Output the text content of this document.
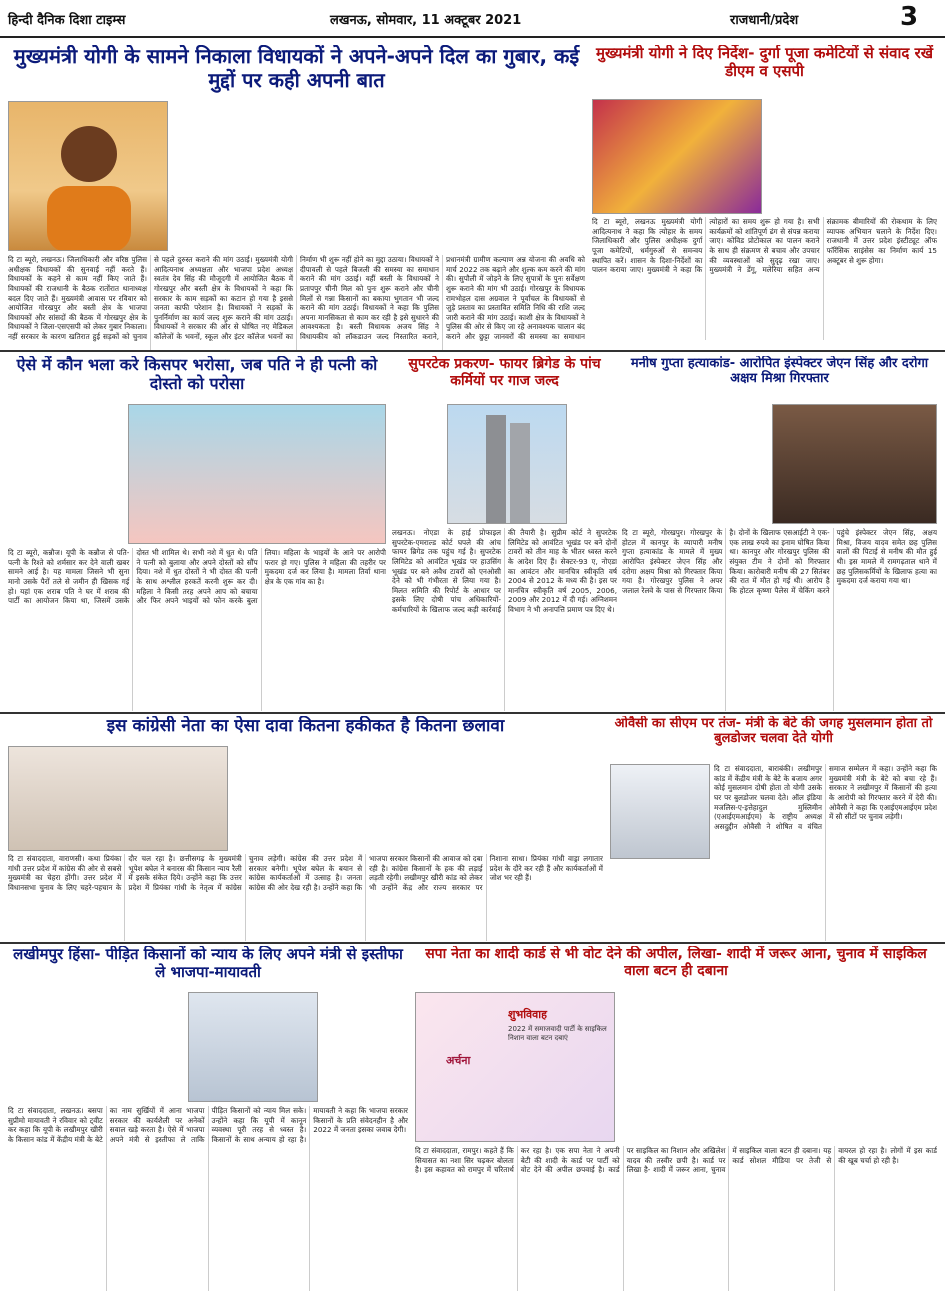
हिन्दी दैनिक दिशा टाइम्स	लखनऊ, सोमवार, 11 अक्टूबर 2021	राजधानी/प्रदेश	3
मुख्यमंत्री योगी के सामने निकाला विधायकों ने अपने-अपने दिल का गुबार, कई मुद्दों पर कही अपनी बात
दि टा ब्यूरो, लखनऊ। जिलाधिकारी और वरिष्ठ पुलिस अधीक्षक विधायकों की सुनवाई नहीं करते हैं। विधायकों के कहने से काम नहीं किए जाते हैं। विधायकों की राजधानी के बैठक रातोंरात थानाध्यक्ष बदल दिए जाते हैं। मुख्यमंत्री आवास पर रविवार को आयोजित गोरखपुर और बस्ती क्षेत्र के भाजपा विधायकों और सांसदों की बैठक में गोरखपुर क्षेत्र के विधायकों ने जिला-एसएसपी को लेकर गुबार निकाला। नहीं सरकार के कारण खतिरात हुई सड़कों को चुनाव से पहले दुरुस्त कराने की मांग उठाई। मुख्यमंत्री योगी आदित्यनाथ अध्यक्षता और भाजपा प्रदेश अध्यक्ष स्वतंत्र देव सिंह की मौजूदगी में आयोजित बैठक में गोरखपुर और बस्ती क्षेत्र के विधायकों ने कहा कि सरकार के काम सड़कों का कटान हो गया है इससे जनता काफी परेशान है। विधायकों ने सड़कों के पुनर्निर्माण का कार्य जल्द शुरू कराने की मांग उठाई। विधायकों ने सरकार की ओर से घोषित नए मेडिकल कॉलेजों के भवनों, स्कूल और इंटर कॉलेज भवनों का निर्माण भी शुरू नहीं होने का मुद्दा उठाया। विधायकों ने दीपावली से पहले बिजली की समस्या का समाधान कराने की मांग उठाई। वहीं बस्ती के विधायकों ने प्रतापपुर चीनी मिल को पुनः शुरू कराने और चीनी मिलों से गन्ना किसानों का बकाया भुगतान भी जल्द कराने की मांग उठाई। विधायकों ने कहा कि पुलिस अपना मानसिकता से काम कर रही है इसे सुधारने की आवश्यकता है। बस्ती विधायक अजय सिंह ने विधायकीय को लॉकडाउन जल्द निस्तारित कराने, प्रधानमंत्री ग्रामीण कल्याण अन्न योजना की अवधि को मार्च 2022 तक बढ़ाने और शुल्क कम करने की मांग की। सुपौली में जोड़ने के लिए सुपात्रों के पुनः सर्वेक्षण शुरू कराने की मांग भी उठाई। गोरखपुर के विधायक रामभोहल दास अग्रवाल ने पूर्वांचल के विधायकों से जुड़े प्रस्ताव का प्रस्तावित समिति निधि की राशि जल्द जारी कराने की मांग उठाई। काशी क्षेत्र के विधायकों ने पुलिस की ओर से किए जा रहे अनावश्यक चालान बंद कराने और छुट्टा जानवरों की समस्या का समाधान
मुख्यमंत्री योगी ने दिए निर्देश- दुर्गा पूजा कमेटियों से संवाद रखें डीएम व एसपी
दि टा ब्यूरो, लखनऊ मुख्यमंत्री योगी आदित्यनाथ ने कहा कि त्योहार के समय जिलाधिकारी और पुलिस अधीक्षक दुर्गा पूजा कमेटियों, धर्मगुरुओं से समन्वय स्थापित करें। शासन के दिशा-निर्देशों का पालन कराया जाए। मुख्यमंत्री ने कहा कि त्योहारों का समय शुरू हो गया है। सभी कार्यक्रमों को शांतिपूर्ण ढंग से संपन्न कराया जाए। कोविड प्रोटोकाल का पालन कराने के साथ ही संक्रमण से बचाव और उपचार की व्यवस्थाओं को सुदृढ़ रखा जाए। मुख्यमंत्री ने डेंगू, मलेरिया सहित अन्य संक्रामक बीमारियों की रोकथाम के लिए व्यापक अभियान चलाने के निर्देश दिए। राजधानी में उत्तर प्रदेश इंस्टीट्यूट ऑफ फॉरेंसिक साइंसेस का निर्माण कार्य 15 अक्टूबर से शुरू होगा।
ऐसे में कौन भला करे किसपर भरोसा, जब पति ने ही पत्नी को दोस्तो को परोसा
दि टा ब्यूरो, कन्नौज। यूपी के कन्नौज से पति-पत्नी के रिश्ते को शर्मसार कर देने वाली खबर सामने आई है। यह मामला जिसने भी सुना मानो उसके पैरों तले से जमीन ही खिसक गई हो। यहां एक शराब पति ने घर में शराब की पार्टी का आयोजन किया था, जिसमें उसके दोस्त भी शामिल थे। सभी नशे में धुत थे। पति ने पत्नी को बुलाया और अपने दोस्तों को सौंप दिया। नशे में धुत दोस्तों ने भी दोस्त की पत्नी के साथ अश्लील हरकतें करनी शुरू कर दी। महिला ने किसी तरह अपने आप को बचाया और फिर अपने भाइयों को फोन करके बुला लिया। महिला के भाइयों के आने पर आरोपी फरार हो गए। पुलिस ने महिला की तहरीर पर मुकदमा दर्ज कर लिया है। मामला तिर्वा थाना क्षेत्र के एक गांव का है।
सुपरटेक प्रकरण- फायर ब्रिगेड के पांच कर्मियों पर गाज जल्द
लखनऊ। नोएडा के हाई प्रोफाइल सुपरटेक-एमराल्ड कोर्ट घपले की आंच फायर ब्रिगेड तक पहुंच गई है। सुपरटेक लिमिटेड को आवंटित भूखंड पर हाउसिंग भूखंड पर बने अवैध टावरों को एनओसी देने को भी गंभीरता से लिया गया है। मिलत समिति की रिपोर्ट के आधार पर इसके लिए दोषी पांच अधिकारियों-कर्मचारियों के खिलाफ जल्द कड़ी कार्रवाई की तैयारी है। सुप्रीम कोर्ट ने सुपरटेक लिमिटेड को आवंटित भूखंड पर बने दोनों टावरों को तीन माह के भीतर ध्वस्त करने के आदेश दिए हैं। सेक्टर-93 ए, नोएडा का आवंटन और मानचित्र स्वीकृति वर्ष 2004 से 2012 के मध्य की है। इस पर मानचित्र स्वीकृति वर्ष 2005, 2006, 2009 और 2012 में दी गई। अग्निशमन विभाग ने भी अनापत्ति प्रमाण पत्र दिए थे।
मनीष गुप्ता हत्याकांड- आरोपित इंस्पेक्टर जेएन सिंह और दरोगा अक्षय मिश्रा गिरफ्तार
दि टा ब्यूरो, गोरखपुर। गोरखपुर के होटल में कानपुर के व्यापारी मनीष गुप्ता हत्याकांड के मामले में मुख्य आरोपित इंस्पेक्टर जेएन सिंह और दरोगा अक्षय मिश्रा को गिरफ्तार किया गया है। गोरखपुर पुलिस ने अपर जलाल रेलवे के पास से गिरफ्तार किया है। दोनों के खिलाफ एसआईटी ने एक-एक लाख रुपये का इनाम घोषित किया था। कानपुर और गोरखपुर पुलिस की संयुक्त टीम ने दोनों को गिरफ्तार किया। कारोबारी मनीष की 27 सितंबर की रात में मौत हो गई थी। आरोप है कि होटल कृष्णा पैलेस में चेकिंग करने पहुंचे इंस्पेक्टर जेएन सिंह, अक्षय मिश्रा, विजय यादव समेत छह पुलिस वालों की पिटाई से मनीष की मौत हुई थी। इस मामले में रामगढ़ताल थाने में छह पुलिसकर्मियों के खिलाफ हत्या का मुकदमा दर्ज कराया गया था।
इस कांग्रेसी नेता का ऐसा दावा कितना हकीकत है कितना छलावा
दि टा संवाददाता, वाराणसी। कथा प्रियंका गांधी उत्तर प्रदेश में कांग्रेस की ओर से सबसे मुख्यमंत्री का चेहरा होंगी। उत्तर प्रदेश में विधानसभा चुनाव के लिए चहरे-पहचान के दौर चल रहा है। छत्तीसगढ़ के मुख्यमंत्री भूपेश बघेल ने बनारस की किसान न्याय रैली में इसके संकेत दिये। उन्होंने कहा कि उत्तर प्रदेश में प्रियंका गांधी के नेतृत्व में कांग्रेस चुनाव लड़ेगी। कांग्रेस की उत्तर प्रदेश में सरकार बनेगी। भूपेश बघेल के बयान से कांग्रेस कार्यकर्ताओं में उत्साह है। जनता कांग्रेस की ओर देख रही है। उन्होंने कहा कि भाजपा सरकार किसानों की आवाज को दबा रही है। कांग्रेस किसानों के हक की लड़ाई लड़ती रहेगी। लखीमपुर खीरी कांड को लेकर भी उन्होंने केंद्र और राज्य सरकार पर निशाना साधा। प्रियंका गांधी वाड्रा लगातार प्रदेश के दौरे कर रही हैं और कार्यकर्ताओं में जोश भर रही हैं।
ओवैसी का सीएम पर तंज- मंत्री के बेटे की जगह मुसलमान होता तो बुलडोजर चलवा देते योगी
दि टा संवाददाता, बाराबंकी। लखीमपुर कांड में केंद्रीय मंत्री के बेटे के बजाय अगर कोई मुसलमान दोषी होता तो योगी उसके घर पर बुलडोजर चलवा देते। ऑल इंडिया मजलिस-ए-इत्तेहादुल मुस्लिमीन (एआईएमआईएम) के राष्ट्रीय अध्यक्ष असदुद्दीन ओवैसी ने शोषित व वंचित समाज सम्मेलन में कहा। उन्होंने कहा कि मुख्यमंत्री मंत्री के बेटे को बचा रहे हैं। सरकार ने लखीमपुर में किसानों की हत्या के आरोपी को गिरफ्तार करने में देरी की। ओवैसी ने कहा कि एआईएमआईएम प्रदेश में सौ सीटों पर चुनाव लड़ेगी।
लखीमपुर हिंसा- पीड़ित किसानों को न्याय के लिए अपने मंत्री से इस्तीफा ले भाजपा-मायावती
दि टा संवाददाता, लखनऊ। बसपा सुप्रीमो मायावती ने रविवार को ट्वीट कर कहा कि यूपी के लखीमपुर खीरी के किसान कांड में केंद्रीय मंत्री के बेटे का नाम सुर्खियों में आना भाजपा सरकार की कार्यशैली पर अनेकों सवाल खड़े करता है। ऐसे में भाजपा अपने मंत्री से इस्तीफा ले ताकि पीड़ित किसानों को न्याय मिल सके। उन्होंने कहा कि यूपी में कानून व्यवस्था पूरी तरह से ध्वस्त है। किसानों के साथ अन्याय हो रहा है। मायावती ने कहा कि भाजपा सरकार किसानों के प्रति संवेदनहीन है और 2022 में जनता इसका जवाब देगी।
सपा नेता का शादी कार्ड से भी वोट देने की अपील, लिखा- शादी में जरूर आना, चुनाव में साइकिल वाला बटन ही दबाना
शुभविवाह
2022 में समाजवादी पार्टी के साइकिल निशान वाला बटन दबाएं
अर्चना
दि टा संवाददाता, रामपुर। कहते हैं कि सियासत का नशा सिर चढ़कर बोलता है। इस कहावत को रामपुर में चरितार्थ कर रहा है। एक सपा नेता ने अपनी बेटी की शादी के कार्ड पर पार्टी को वोट देने की अपील छपवाई है। कार्ड पर साइकिल का निशान और अखिलेश यादव की तस्वीर छपी है। कार्ड पर लिखा है- शादी में जरूर आना, चुनाव में साइकिल वाला बटन ही दबाना। यह कार्ड सोशल मीडिया पर तेजी से वायरल हो रहा है। लोगों में इस कार्ड की खूब चर्चा हो रही है।
